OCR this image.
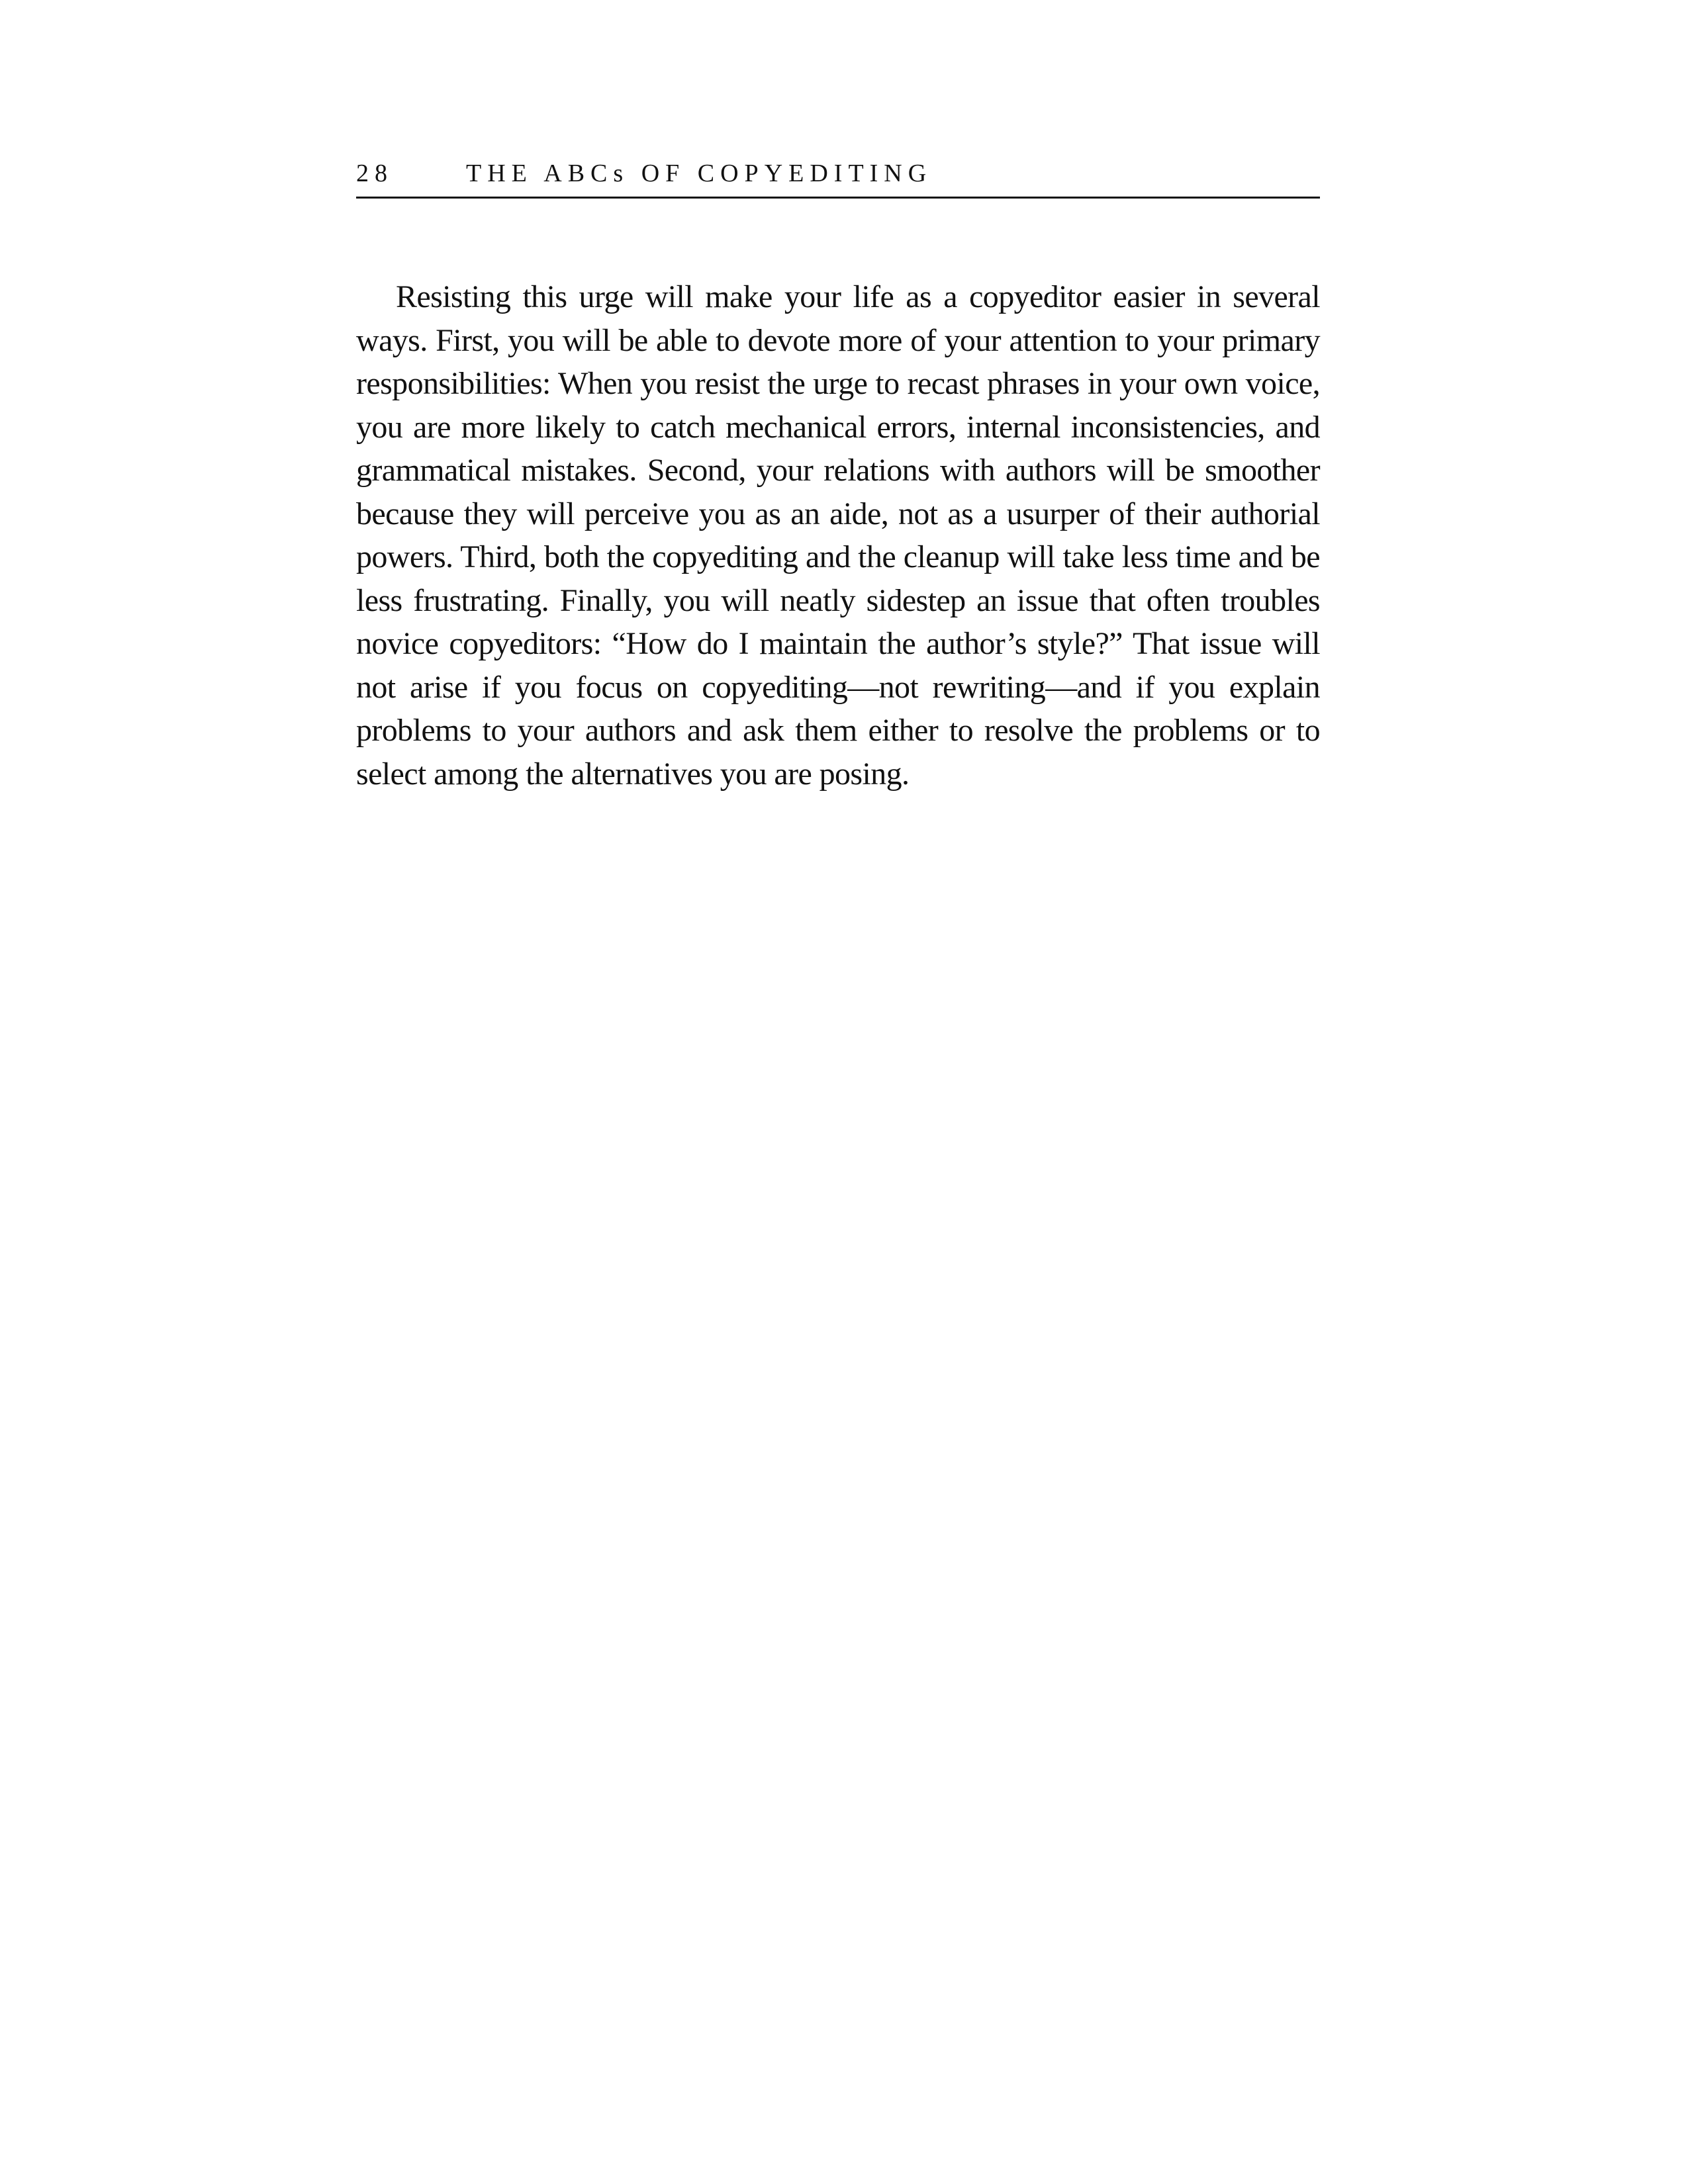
28	THE ABCs OF COPYEDITING

Resisting this urge will make your life as a copyeditor easier in several ways. First, you will be able to devote more of your attention to your primary responsibilities: When you resist the urge to recast phrases in your own voice, you are more likely to catch mechanical errors, internal inconsistencies, and grammatical mistakes. Second, your relations with authors will be smoother because they will perceive you as an aide, not as a usurper of their authorial powers. Third, both the copyediting and the cleanup will take less time and be less frustrating. Finally, you will neatly sidestep an issue that often troubles novice copyeditors: “How do I maintain the author’s style?” That issue will not arise if you focus on copyediting—not rewriting—and if you explain problems to your authors and ask them either to resolve the problems or to select among the alternatives you are posing.
